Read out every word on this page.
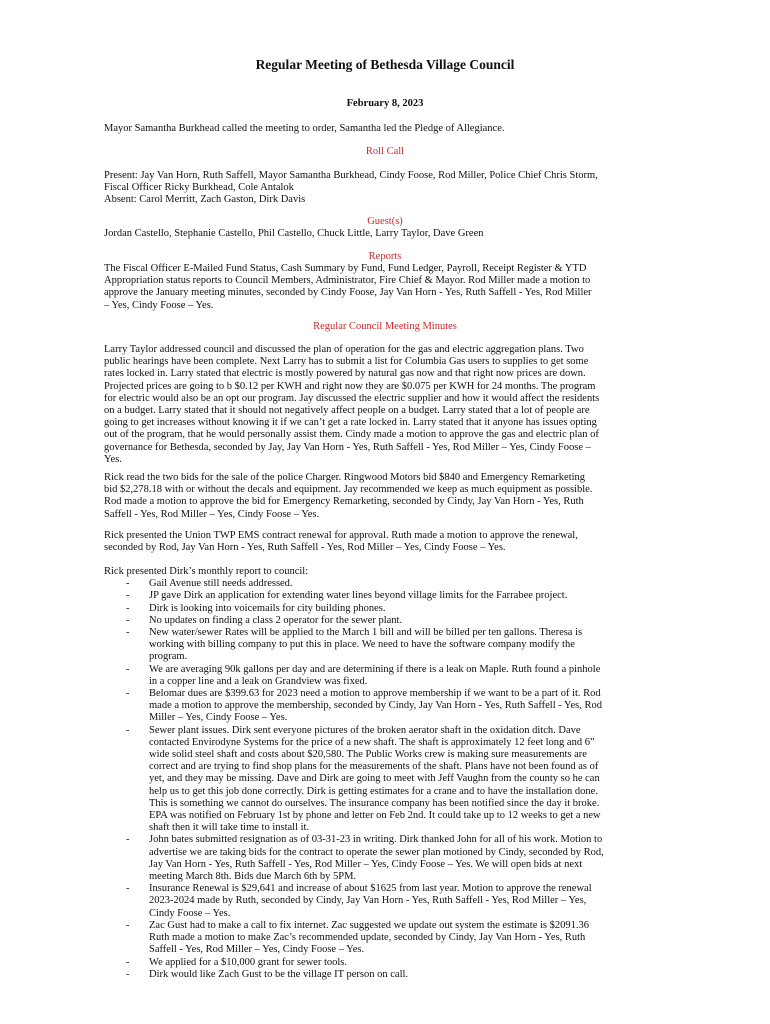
Regular Meeting of Bethesda Village Council
February 8, 2023
Mayor Samantha Burkhead called the meeting to order, Samantha led the Pledge of Allegiance.
Roll Call
Present: Jay Van Horn, Ruth Saffell, Mayor Samantha Burkhead, Cindy Foose, Rod Miller, Police Chief Chris Storm,
Fiscal Officer Ricky Burkhead, Cole Antalok
Absent: Carol Merritt, Zach Gaston, Dirk Davis
Guest(s)
Jordan Castello, Stephanie Castello, Phil Castello, Chuck Little, Larry Taylor, Dave Green
Reports
The Fiscal Officer E-Mailed Fund Status, Cash Summary by Fund, Fund Ledger, Payroll, Receipt Register & YTD
Appropriation status reports to Council Members, Administrator, Fire Chief & Mayor. Rod Miller made a motion to
approve the January meeting minutes, seconded by Cindy Foose, Jay Van Horn - Yes, Ruth Saffell - Yes, Rod Miller
– Yes, Cindy Foose – Yes.
Regular Council Meeting Minutes
Larry Taylor addressed council and discussed the plan of operation for the gas and electric aggregation plans. Two
public hearings have been complete. Next Larry has to submit a list for Columbia Gas users to supplies to get some
rates locked in. Larry stated that electric is mostly powered by natural gas now and that right now prices are down.
Projected prices are going to b $0.12 per KWH and right now they are $0.075 per KWH for 24 months. The program
for electric would also be an opt our program. Jay discussed the electric supplier and how it would affect the residents
on a budget. Larry stated that it should not negatively affect people on a budget. Larry stated that a lot of people are
going to get increases without knowing it if we can’t get a rate locked in. Larry stated that it anyone has issues opting
out of the program, that he would personally assist them. Cindy made a motion to approve the gas and electric plan of
governance for Bethesda, seconded by Jay, Jay Van Horn - Yes, Ruth Saffell - Yes, Rod Miller – Yes, Cindy Foose –
Yes.
Rick read the two bids for the sale of the police Charger. Ringwood Motors bid $840 and Emergency Remarketing
bid $2,278.18 with or without the decals and equipment. Jay recommended we keep as much equipment as possible.
Rod made a motion to approve the bid for Emergency Remarketing, seconded by Cindy, Jay Van Horn - Yes, Ruth
Saffell - Yes, Rod Miller – Yes, Cindy Foose – Yes.
Rick presented the Union TWP EMS contract renewal for approval. Ruth made a motion to approve the renewal,
seconded by Rod, Jay Van Horn - Yes, Ruth Saffell - Yes, Rod Miller – Yes, Cindy Foose – Yes.
Rick presented Dirk’s monthly report to council:
- Gail Avenue still needs addressed.
- JP gave Dirk an application for extending water lines beyond village limits for the Farrabee project.
- Dirk is looking into voicemails for city building phones.
- No updates on finding a class 2 operator for the sewer plant.
- New water/sewer Rates will be applied to the March 1 bill and will be billed per ten gallons. Theresa is
working with billing company to put this in place. We need to have the software company modify the
program.
- We are averaging 90k gallons per day and are determining if there is a leak on Maple. Ruth found a pinhole
in a copper line and a leak on Grandview was fixed.
- Belomar dues are $399.63 for 2023 need a motion to approve membership if we want to be a part of it. Rod
made a motion to approve the membership, seconded by Cindy, Jay Van Horn - Yes, Ruth Saffell - Yes, Rod
Miller – Yes, Cindy Foose – Yes.
- Sewer plant issues. Dirk sent everyone pictures of the broken aerator shaft in the oxidation ditch. Dave
contacted Envirodyne Systems for the price of a new shaft. The shaft is approximately 12 feet long and 6”
wide solid steel shaft and costs about $20,580. The Public Works crew is making sure measurements are
correct and are trying to find shop plans for the measurements of the shaft. Plans have not been found as of
yet, and they may be missing. Dave and Dirk are going to meet with Jeff Vaughn from the county so he can
help us to get this job done correctly. Dirk is getting estimates for a crane and to have the installation done.
This is something we cannot do ourselves. The insurance company has been notified since the day it broke.
EPA was notified on February 1st by phone and letter on Feb 2nd. It could take up to 12 weeks to get a new
shaft then it will take time to install it.
- John bates submitted resignation as of 03-31-23 in writing. Dirk thanked John for all of his work. Motion to
advertise we are taking bids for the contract to operate the sewer plan motioned by Cindy, seconded by Rod,
Jay Van Horn - Yes, Ruth Saffell - Yes, Rod Miller – Yes, Cindy Foose – Yes. We will open bids at next
meeting March 8th. Bids due March 6th by 5PM.
- Insurance Renewal is $29,641 and increase of about $1625 from last year. Motion to approve the renewal
2023-2024 made by Ruth, seconded by Cindy, Jay Van Horn - Yes, Ruth Saffell - Yes, Rod Miller – Yes,
Cindy Foose – Yes.
- Zac Gust had to make a call to fix internet. Zac suggested we update out system the estimate is $2091.36
Ruth made a motion to make Zac’s recommended update, seconded by Cindy, Jay Van Horn - Yes, Ruth
Saffell - Yes, Rod Miller – Yes, Cindy Foose – Yes.
- We applied for a $10,000 grant for sewer tools.
- Dirk would like Zach Gust to be the village IT person on call.
